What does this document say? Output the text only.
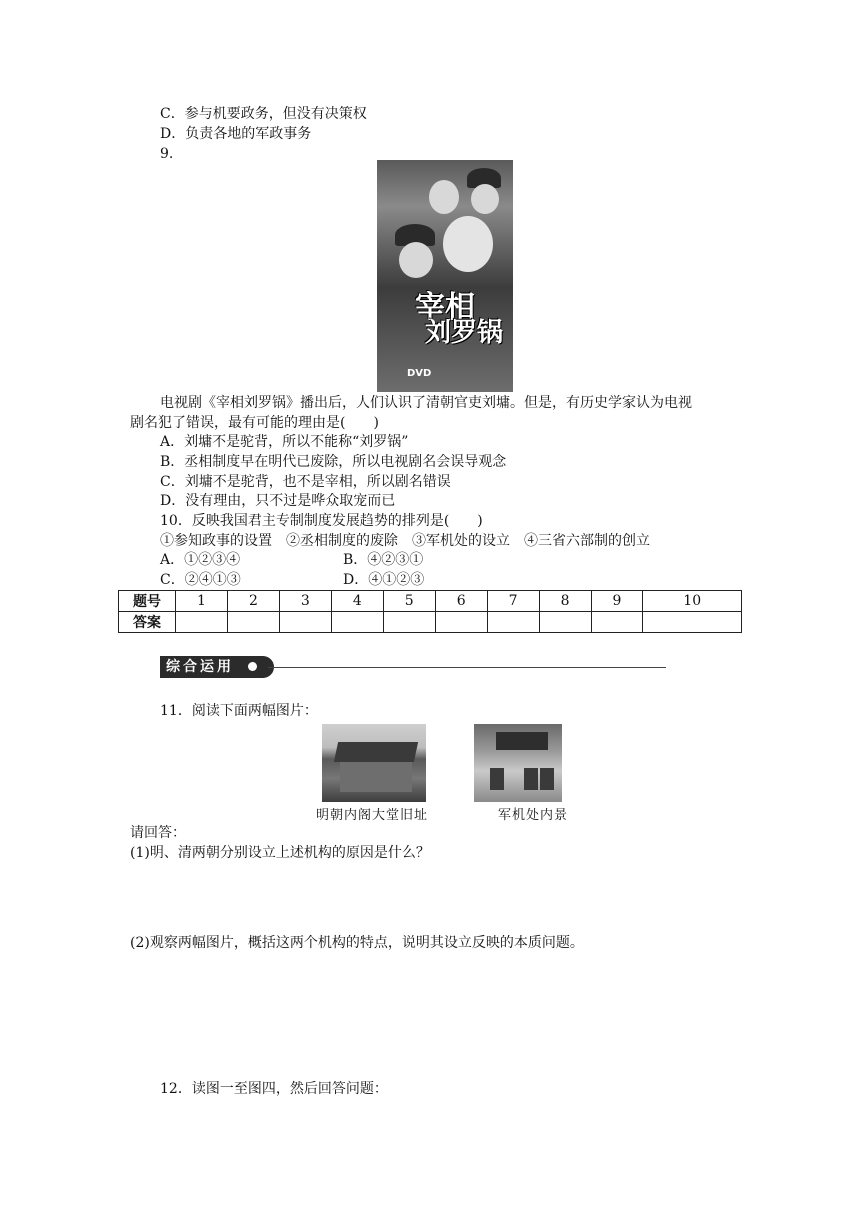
C．参与机要政务，但没有决策权
D．负责各地的军政事务
9.
宰相
刘罗锅
DVD
电视剧《宰相刘罗锅》播出后，人们认识了清朝官吏刘墉。但是，有历史学家认为电视
剧名犯了错误，最有可能的理由是(　　)
A．刘墉不是驼背，所以不能称“刘罗锅”
B．丞相制度早在明代已废除，所以电视剧名会误导观念
C．刘墉不是驼背，也不是宰相，所以剧名错误
D．没有理由，只不过是哗众取宠而已
10．反映我国君主专制制度发展趋势的排列是(　　)
①参知政事的设置　②丞相制度的废除　③军机处的设立　④三省六部制的创立
A．①②③④	B．④②③①
C．②④①③	D．④①②③
题号	1	2	3	4	5	6	7	8	9	10
答案										
综合运用
11．阅读下面两幅图片：
明朝内阁大堂旧址	军机处内景
请回答：
(1)明、清两朝分别设立上述机构的原因是什么？
(2)观察两幅图片，概括这两个机构的特点，说明其设立反映的本质问题。
12．读图一至图四，然后回答问题：
